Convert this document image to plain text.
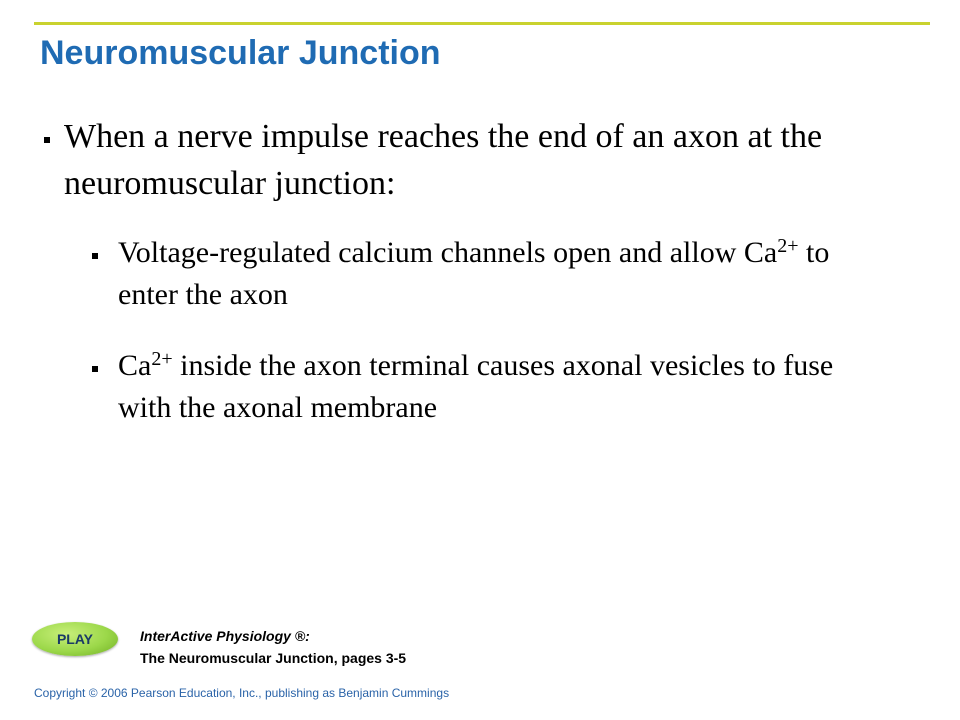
Neuromuscular Junction
When a nerve impulse reaches the end of an axon at the neuromuscular junction:
Voltage-regulated calcium channels open and allow $Ca^{2+}$ to enter the axon
$Ca^{2+}$ inside the axon terminal causes axonal vesicles to fuse with the axonal membrane
PLAY	InterActive Physiology ®:
The Neuromuscular Junction, pages 3-5
Copyright © 2006 Pearson Education, Inc., publishing as Benjamin Cummings
